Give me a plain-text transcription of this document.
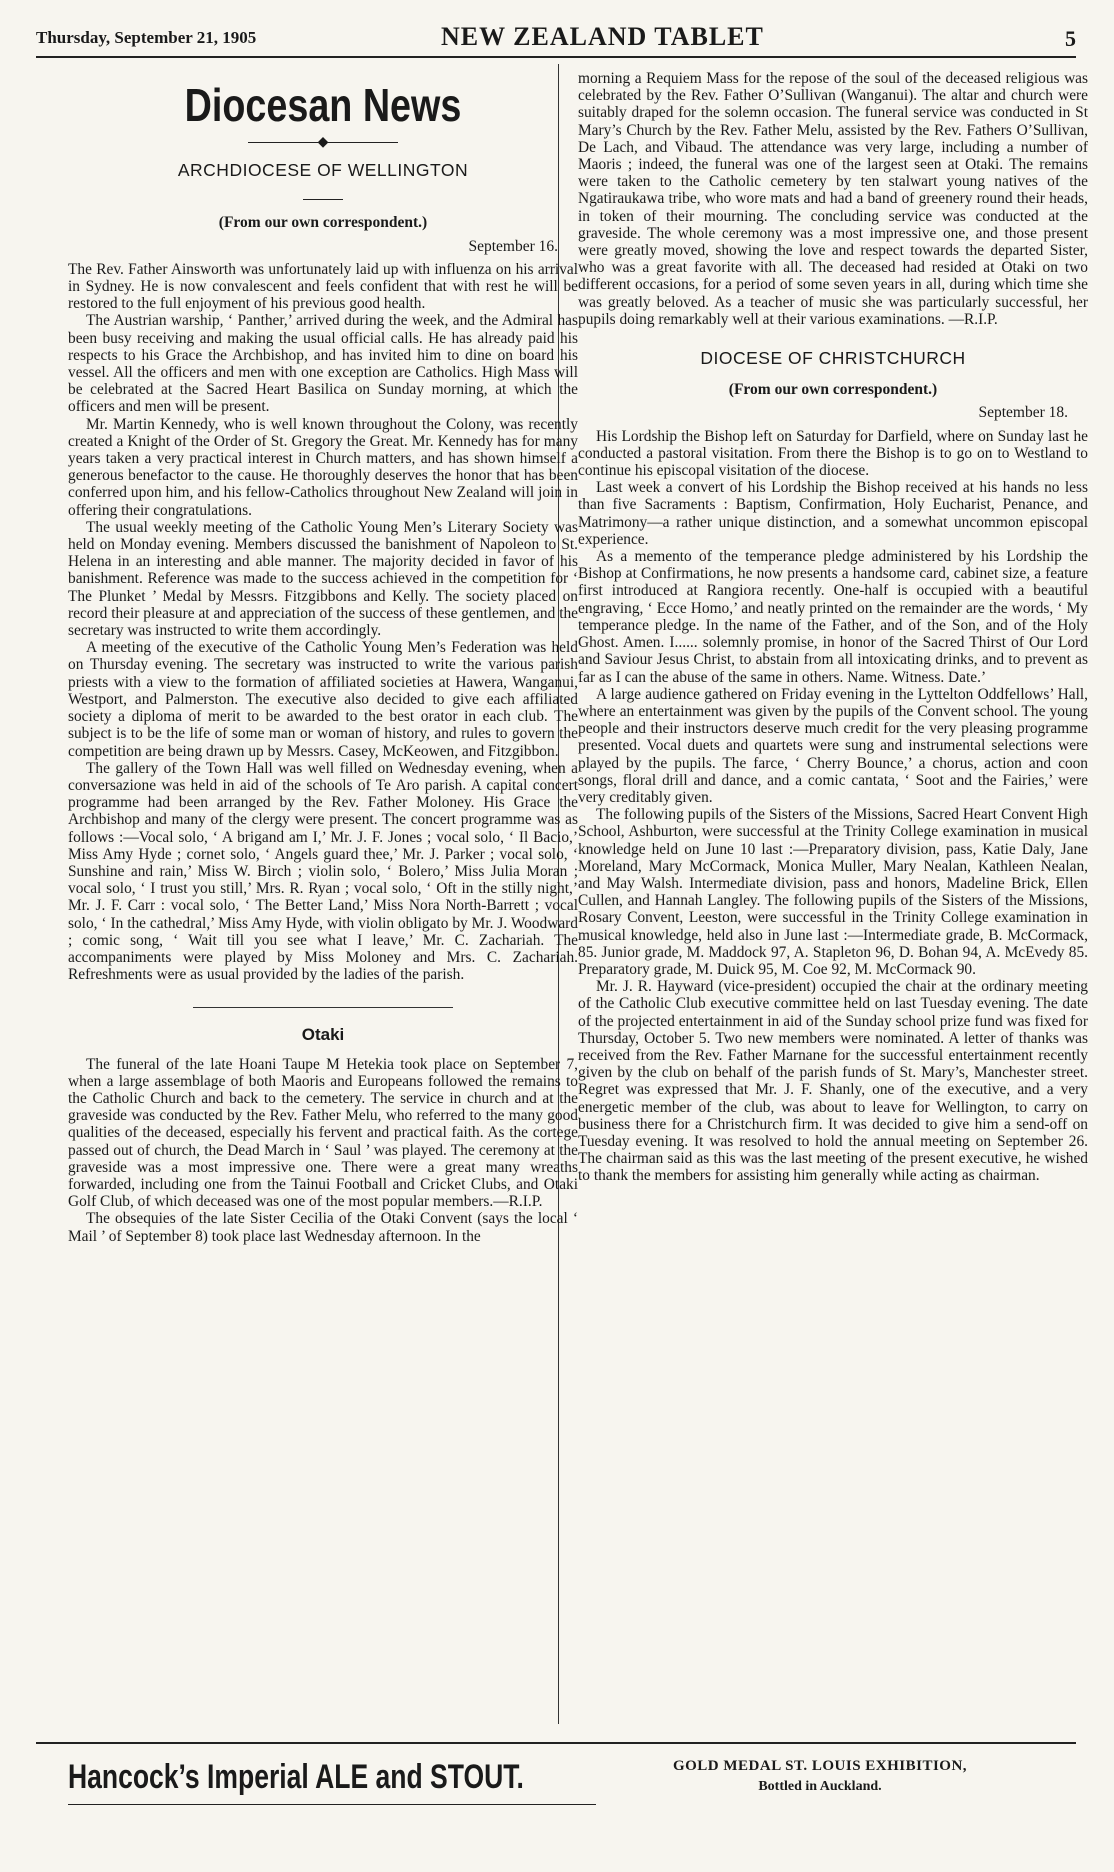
Thursday, September 21, 1905	NEW ZEALAND TABLET	5
Diocesan News
◆
ARCHDIOCESE OF WELLINGTON
(From our own correspondent.)
September 16.

The Rev. Father Ainsworth was unfortunately laid up with influenza on his arrival in Sydney. He is now convalescent and feels confident that with rest he will be restored to the full enjoyment of his previous good health.

The Austrian warship, ‘ Panther,’ arrived during the week, and the Admiral has been busy receiving and making the usual official calls. He has already paid his respects to his Grace the Archbishop, and has invited him to dine on board his vessel. All the officers and men with one exception are Catholics. High Mass will be celebrated at the Sacred Heart Basilica on Sunday morning, at which the officers and men will be present.

Mr. Martin Kennedy, who is well known throughout the Colony, was recently created a Knight of the Order of St. Gregory the Great. Mr. Kennedy has for many years taken a very practical interest in Church matters, and has shown himself a generous benefactor to the cause. He thoroughly deserves the honor that has been conferred upon him, and his fellow-Catholics throughout New Zealand will join in offering their congratulations.

The usual weekly meeting of the Catholic Young Men’s Literary Society was held on Monday evening. Members discussed the banishment of Napoleon to St. Helena in an interesting and able manner. The majority decided in favor of his banishment. Reference was made to the success achieved in the competition for ‘ The Plunket ’ Medal by Messrs. Fitzgibbons and Kelly. The society placed on record their pleasure at and appreciation of the success of these gentlemen, and the secretary was instructed to write them accordingly.

A meeting of the executive of the Catholic Young Men’s Federation was held on Thursday evening. The secretary was instructed to write the various parish priests with a view to the formation of affiliated societies at Hawera, Wanganui, Westport, and Palmerston. The executive also decided to give each affiliated society a diploma of merit to be awarded to the best orator in each club. The subject is to be the life of some man or woman of history, and rules to govern the competition are being drawn up by Messrs. Casey, McKeowen, and Fitzgibbon.

The gallery of the Town Hall was well filled on Wednesday evening, when a conversazione was held in aid of the schools of Te Aro parish. A capital concert programme had been arranged by the Rev. Father Moloney. His Grace the Archbishop and many of the clergy were present. The concert programme was as follows :—Vocal solo, ‘ A brigand am I,’ Mr. J. F. Jones ; vocal solo, ‘ Il Bacio,’ Miss Amy Hyde ; cornet solo, ‘ Angels guard thee,’ Mr. J. Parker ; vocal solo, ‘ Sunshine and rain,’ Miss W. Birch ; violin solo, ‘ Bolero,’ Miss Julia Moran ; vocal solo, ‘ I trust you still,’ Mrs. R. Ryan ; vocal solo, ‘ Oft in the stilly night,’ Mr. J. F. Carr : vocal solo, ‘ The Better Land,’ Miss Nora North-Barrett ; vocal solo, ‘ In the cathedral,’ Miss Amy Hyde, with violin obligato by Mr. J. Woodward ; comic song, ‘ Wait till you see what I leave,’ Mr. C. Zachariah. The accompaniments were played by Miss Moloney and Mrs. C. Zachariah. Refreshments were as usual provided by the ladies of the parish.

Otaki

The funeral of the late Hoani Taupe M Hetekia took place on September 7, when a large assemblage of both Maoris and Europeans followed the remains to the Catholic Church and back to the cemetery. The service in church and at the graveside was conducted by the Rev. Father Melu, who referred to the many good qualities of the deceased, especially his fervent and practical faith. As the cortege passed out of church, the Dead March in ‘ Saul ’ was played. The ceremony at the graveside was a most impressive one. There were a great many wreaths forwarded, including one from the Tainui Football and Cricket Clubs, and Otaki Golf Club, of which deceased was one of the most popular members.—R.I.P.

The obsequies of the late Sister Cecilia of the Otaki Convent (says the local ‘ Mail ’ of September 8) took place last Wednesday afternoon. In the

morning a Requiem Mass for the repose of the soul of the deceased religious was celebrated by the Rev. Father O’Sullivan (Wanganui). The altar and church were suitably draped for the solemn occasion. The funeral service was conducted in St Mary’s Church by the Rev. Father Melu, assisted by the Rev. Fathers O’Sullivan, De Lach, and Vibaud. The attendance was very large, including a number of Maoris ; indeed, the funeral was one of the largest seen at Otaki. The remains were taken to the Catholic cemetery by ten stalwart young natives of the Ngatiraukawa tribe, who wore mats and had a band of greenery round their heads, in token of their mourning. The concluding service was conducted at the graveside. The whole ceremony was a most impressive one, and those present were greatly moved, showing the love and respect towards the departed Sister, who was a great favorite with all. The deceased had resided at Otaki on two different occasions, for a period of some seven years in all, during which time she was greatly beloved. As a teacher of music she was particularly successful, her pupils doing remarkably well at their various examinations. —R.I.P.

DIOCESE OF CHRISTCHURCH
(From our own correspondent.)
September 18.

His Lordship the Bishop left on Saturday for Darfield, where on Sunday last he conducted a pastoral visitation. From there the Bishop is to go on to Westland to continue his episcopal visitation of the diocese.

Last week a convert of his Lordship the Bishop received at his hands no less than five Sacraments : Baptism, Confirmation, Holy Eucharist, Penance, and Matrimony—a rather unique distinction, and a somewhat uncommon episcopal experience.

As a memento of the temperance pledge administered by his Lordship the Bishop at Confirmations, he now presents a handsome card, cabinet size, a feature first introduced at Rangiora recently. One-half is occupied with a beautiful engraving, ‘ Ecce Homo,’ and neatly printed on the remainder are the words, ‘ My temperance pledge. In the name of the Father, and of the Son, and of the Holy Ghost. Amen. I...... solemnly promise, in honor of the Sacred Thirst of Our Lord and Saviour Jesus Christ, to abstain from all intoxicating drinks, and to prevent as far as I can the abuse of the same in others. Name. Witness. Date.’

A large audience gathered on Friday evening in the Lyttelton Oddfellows’ Hall, where an entertainment was given by the pupils of the Convent school. The young people and their instructors deserve much credit for the very pleasing programme presented. Vocal duets and quartets were sung and instrumental selections were played by the pupils. The farce, ‘ Cherry Bounce,’ a chorus, action and coon songs, floral drill and dance, and a comic cantata, ‘ Soot and the Fairies,’ were very creditably given.

The following pupils of the Sisters of the Missions, Sacred Heart Convent High School, Ashburton, were successful at the Trinity College examination in musical knowledge held on June 10 last :—Preparatory division, pass, Katie Daly, Jane Moreland, Mary McCormack, Monica Muller, Mary Nealan, Kathleen Nealan, and May Walsh. Intermediate division, pass and honors, Madeline Brick, Ellen Cullen, and Hannah Langley. The following pupils of the Sisters of the Missions, Rosary Convent, Leeston, were successful in the Trinity College examination in musical knowledge, held also in June last :—Intermediate grade, B. McCormack, 85. Junior grade, M. Maddock 97, A. Stapleton 96, D. Bohan 94, A. McEvedy 85. Preparatory grade, M. Duick 95, M. Coe 92, M. McCormack 90.

Mr. J. R. Hayward (vice-president) occupied the chair at the ordinary meeting of the Catholic Club executive committee held on last Tuesday evening. The date of the projected entertainment in aid of the Sunday school prize fund was fixed for Thursday, October 5. Two new members were nominated. A letter of thanks was received from the Rev. Father Marnane for the successful entertainment recently given by the club on behalf of the parish funds of St. Mary’s, Manchester street. Regret was expressed that Mr. J. F. Shanly, one of the executive, and a very energetic member of the club, was about to leave for Wellington, to carry on business there for a Christchurch firm. It was decided to give him a send-off on Tuesday evening. It was resolved to hold the annual meeting on September 26. The chairman said as this was the last meeting of the present executive, he wished to thank the members for assisting him generally while acting as chairman.

Hancock’s Imperial ALE and STOUT.	GOLD MEDAL ST. LOUIS EXHIBITION,
Bottled in Auckland.
